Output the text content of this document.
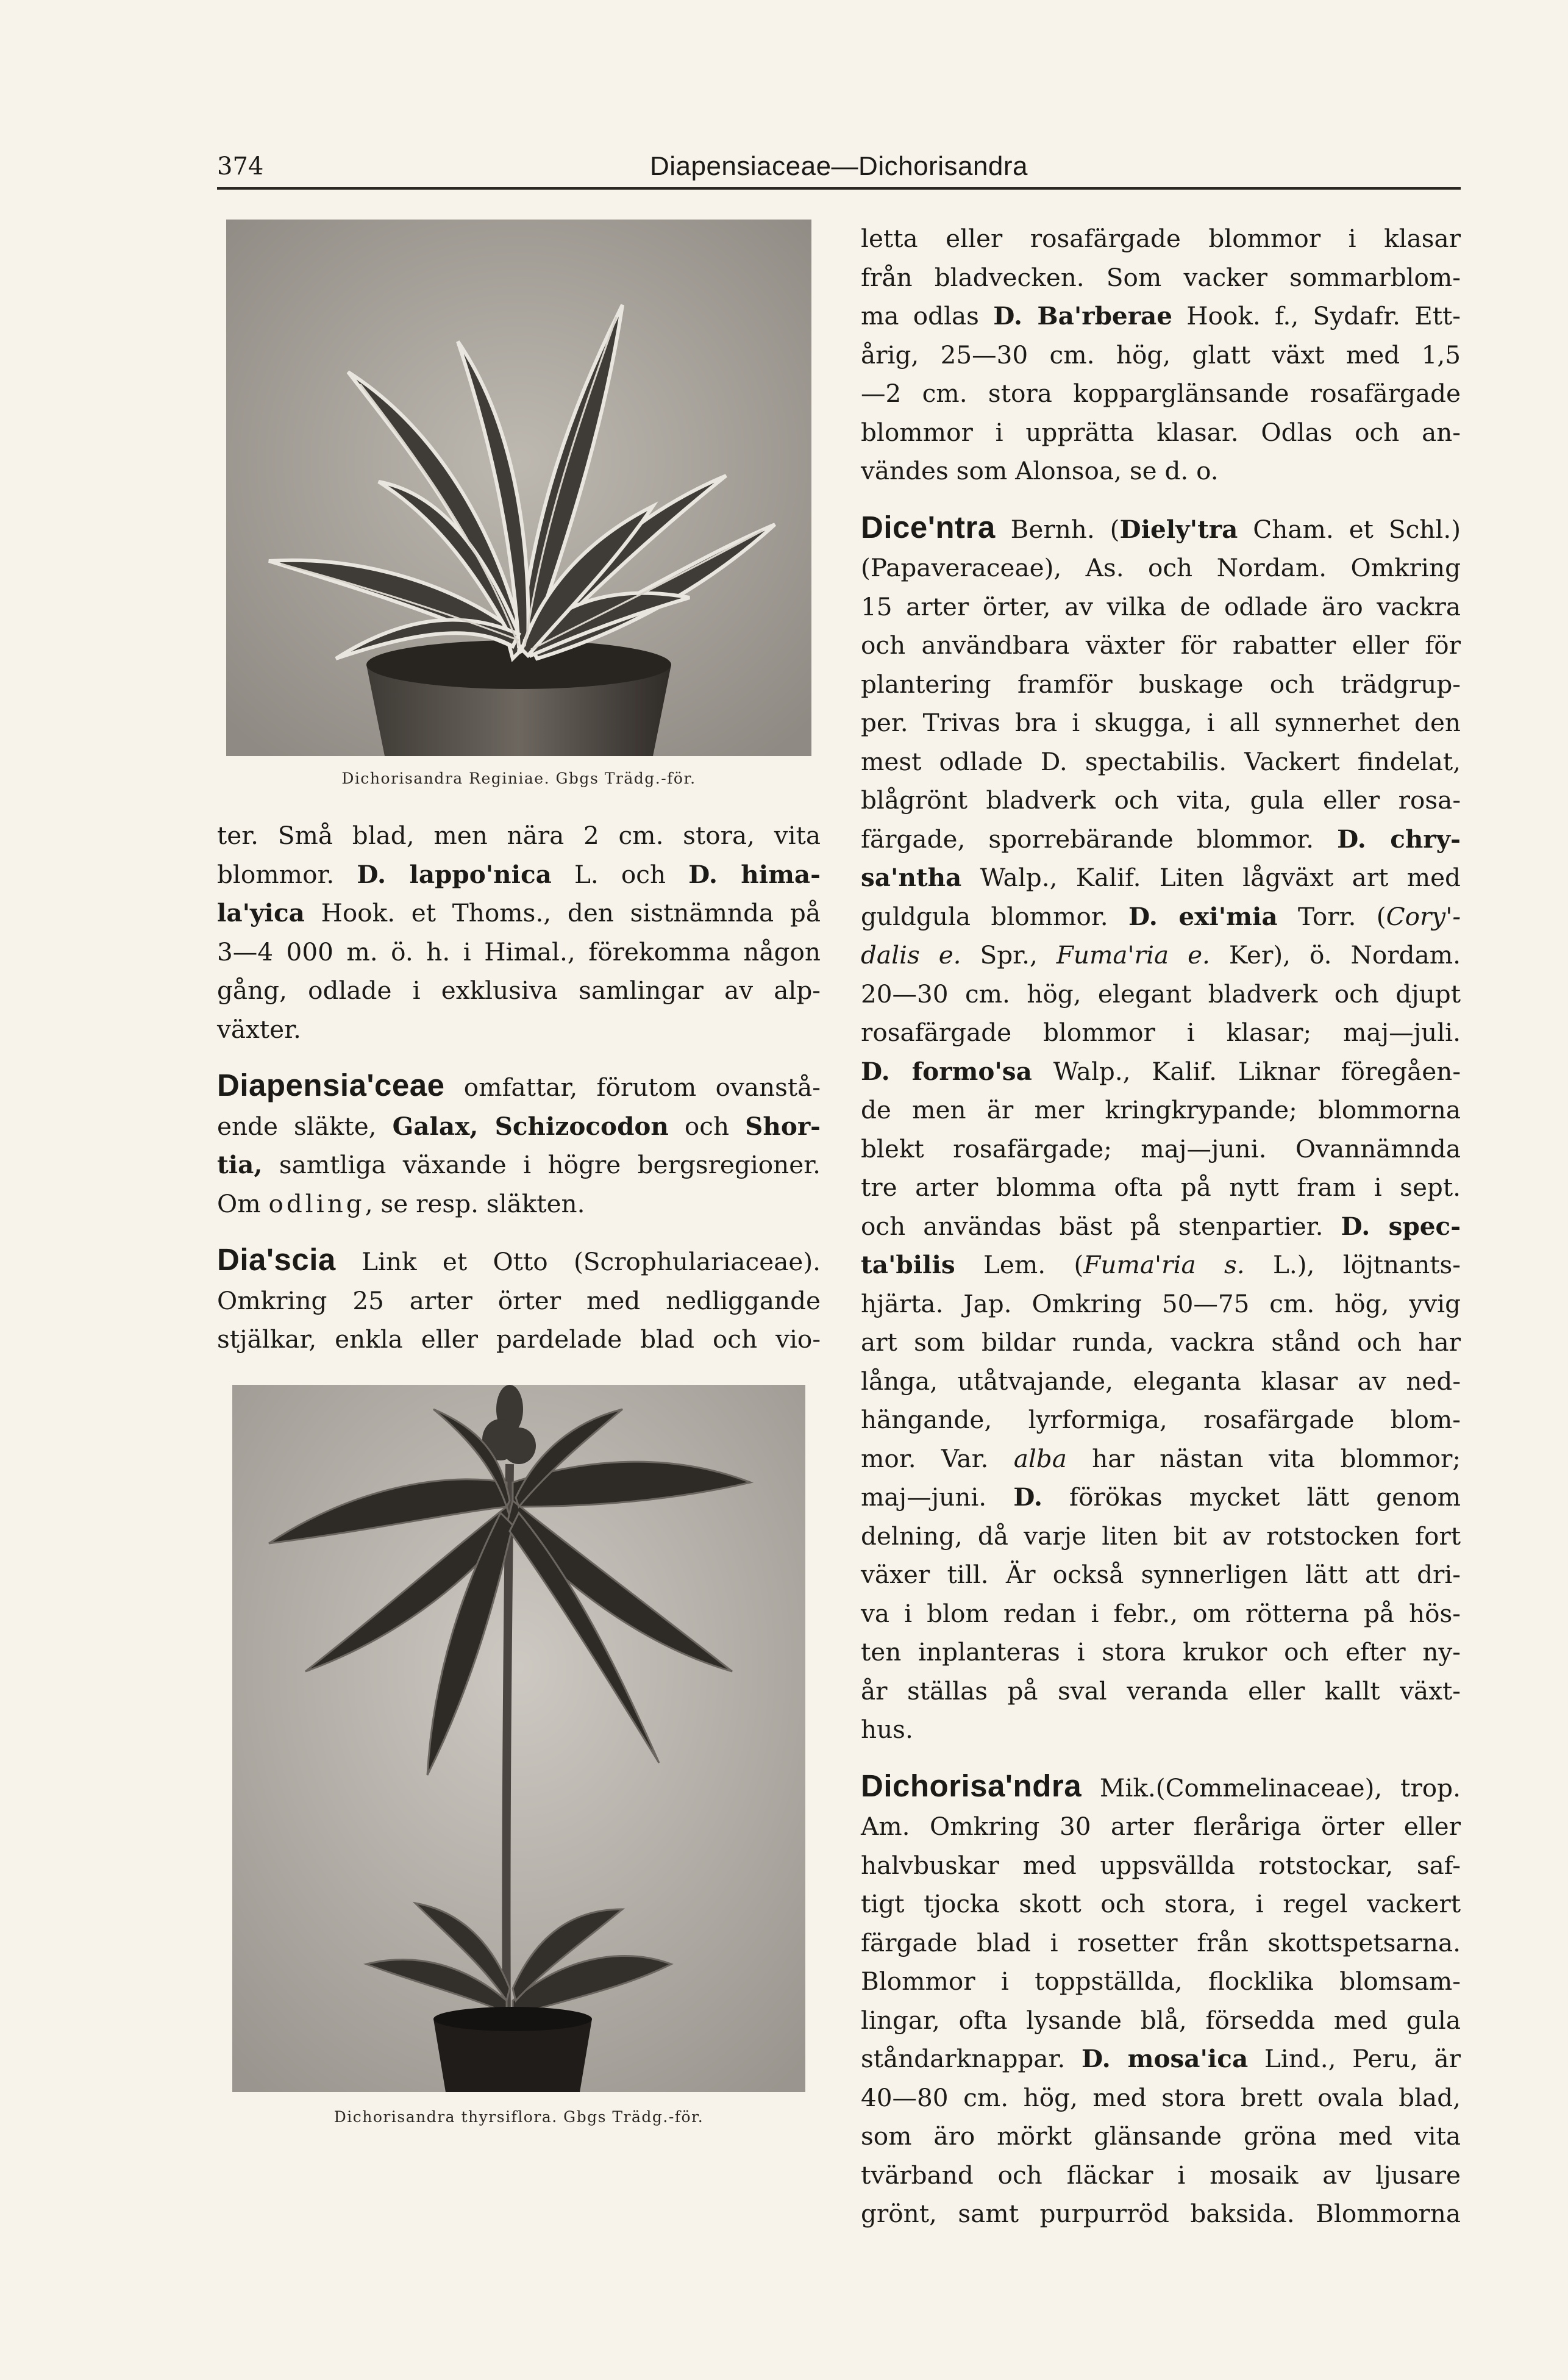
374	Diapensiaceae—Dichorisandra
Dichorisandra Reginiae. Gbgs Trädg.-för.

ter. Små blad, men nära 2 cm. stora, vita

blommor. D. lappo'nica L. och D. hima-

la'yica Hook. et Thoms., den sistnämnda på

3—4 000 m. ö. h. i Himal., förekomma någon

gång, odlade i exklusiva samlingar av alp-

växter.

Diapensia'ceae omfattar, förutom ovanstå-

ende släkte, Galax, Schizocodon och Shor-

tia, samtliga växande i högre bergsregioner.

Om odling, se resp. släkten.

Dia'scia Link et Otto (Scrophulariaceae).

Omkring 25 arter örter med nedliggande

stjälkar, enkla eller pardelade blad och vio-

Dichorisandra thyrsiflora. Gbgs Trädg.-för.

letta eller rosafärgade blommor i klasar

från bladvecken. Som vacker sommarblom-

ma odlas D. Ba'rberae Hook. f., Sydafr. Ett-

årig, 25—30 cm. hög, glatt växt med 1,5

—2 cm. stora kopparglänsande rosafärgade

blommor i upprätta klasar. Odlas och an-

vändes som Alonsoa, se d. o.

Dice'ntra Bernh. (Diely'tra Cham. et Schl.)

(Papaveraceae), As. och Nordam. Omkring

15 arter örter, av vilka de odlade äro vackra

och användbara växter för rabatter eller för

plantering framför buskage och trädgrup-

per. Trivas bra i skugga, i all synnerhet den

mest odlade D. spectabilis. Vackert findelat,

blågrönt bladverk och vita, gula eller rosa-

färgade, sporrebärande blommor. D. chry-

sa'ntha Walp., Kalif. Liten lågväxt art med

guldgula blommor. D. exi'mia Torr. (Cory'-

dalis e. Spr., Fuma'ria e. Ker), ö. Nordam.

20—30 cm. hög, elegant bladverk och djupt

rosafärgade blommor i klasar; maj—juli.

D. formo'sa Walp., Kalif. Liknar föregåen-

de men är mer kringkrypande; blommorna

blekt rosafärgade; maj—juni. Ovannämnda

tre arter blomma ofta på nytt fram i sept.

och användas bäst på stenpartier. D. spec-

ta'bilis Lem. (Fuma'ria s. L.), löjtnants-

hjärta. Jap. Omkring 50—75 cm. hög, yvig

art som bildar runda, vackra stånd och har

långa, utåtvajande, eleganta klasar av ned-

hängande, lyrformiga, rosafärgade blom-

mor. Var. alba har nästan vita blommor;

maj—juni. D. förökas mycket lätt genom

delning, då varje liten bit av rotstocken fort

växer till. Är också synnerligen lätt att dri-

va i blom redan i febr., om rötterna på hös-

ten inplanteras i stora krukor och efter ny-

år ställas på sval veranda eller kallt växt-

hus.

Dichorisa'ndra Mik.(Commelinaceae), trop.

Am. Omkring 30 arter fleråriga örter eller

halvbuskar med uppsvällda rotstockar, saf-

tigt tjocka skott och stora, i regel vackert

färgade blad i rosetter från skottspetsarna.

Blommor i toppställda, flocklika blomsam-

lingar, ofta lysande blå, försedda med gula

ståndarknappar. D. mosa'ica Lind., Peru, är

40—80 cm. hög, med stora brett ovala blad,

som äro mörkt glänsande gröna med vita

tvärband och fläckar i mosaik av ljusare

grönt, samt purpurröd baksida. Blommorna
